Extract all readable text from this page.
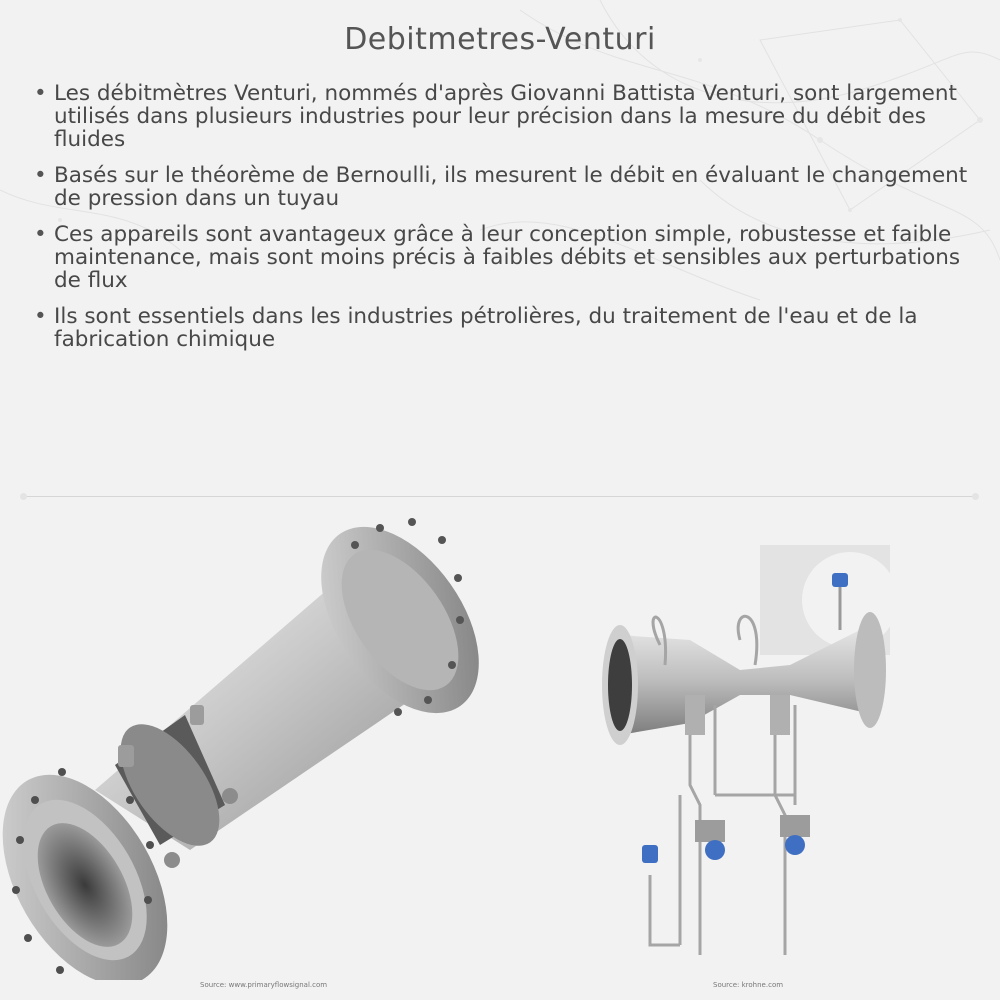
Debitmetres-Venturi
• Les débitmètres Venturi, nommés d'après Giovanni Battista Venturi, sont largement utilisés dans plusieurs industries pour leur précision dans la mesure du débit des fluides
• Basés sur le théorème de Bernoulli, ils mesurent le débit en évaluant le changement de pression dans un tuyau
• Ces appareils sont avantageux grâce à leur conception simple, robustesse et faible maintenance, mais sont moins précis à faibles débits et sensibles aux perturbations de flux
• Ils sont essentiels dans les industries pétrolières, du traitement de l'eau et de la fabrication chimique
Source: www.primaryflowsignal.com	Source: krohne.com
